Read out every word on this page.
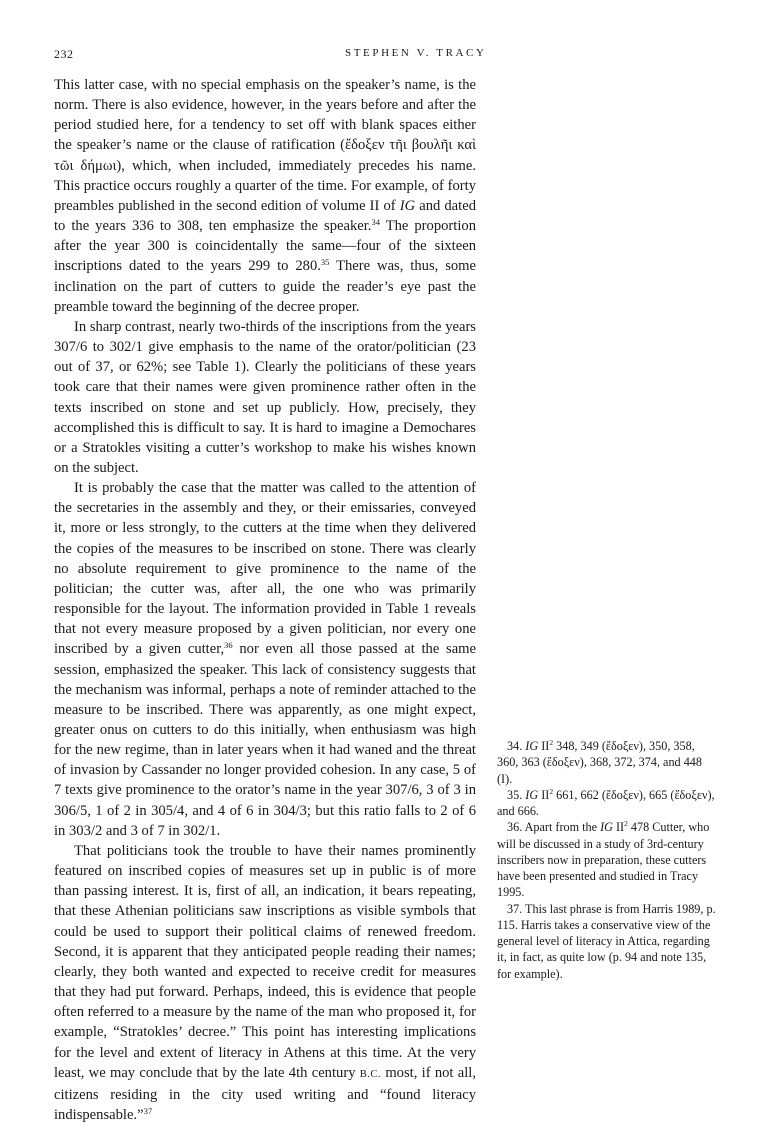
232	STEPHEN V. TRACY

This latter case, with no special emphasis on the speaker’s name, is the norm. There is also evidence, however, in the years before and after the period studied here, for a tendency to set off with blank spaces either the speaker’s name or the clause of ratification (ἔδοξεν τῆι βουλῆι καὶ τῶι δήμωι), which, when included, immediately precedes his name. This practice occurs roughly a quarter of the time. For example, of forty preambles published in the second edition of volume II of IG and dated to the years 336 to 308, ten emphasize the speaker.$^{34}$ The proportion after the year 300 is coincidentally the same—four of the sixteen inscriptions dated to the years 299 to 280.35 There was, thus, some inclination on the part of cutters to guide the reader’s eye past the preamble toward the beginning of the decree proper.

In sharp contrast, nearly two-thirds of the inscriptions from the years 307/6 to 302/1 give emphasis to the name of the orator/politician (23 out of 37, or 62%; see Table 1). Clearly the politicians of these years took care that their names were given prominence rather often in the texts inscribed on stone and set up publicly. How, precisely, they accomplished this is difficult to say. It is hard to imagine a Demochares or a Stratokles visiting a cutter’s workshop to make his wishes known on the subject.

It is probably the case that the matter was called to the attention of the secretaries in the assembly and they, or their emissaries, conveyed it, more or less strongly, to the cutters at the time when they delivered the copies of the measures to be inscribed on stone. There was clearly no absolute requirement to give prominence to the name of the politician; the cutter was, after all, the one who was primarily responsible for the layout. The information provided in Table 1 reveals that not every measure proposed by a given politician, nor every one inscribed by a given cutter,$^{36}$ nor even all those passed at the same session, emphasized the speaker. This lack of consistency suggests that the mechanism was informal, perhaps a note of reminder attached to the measure to be inscribed. There was apparently, as one might expect, greater onus on cutters to do this initially, when enthusiasm was high for the new regime, than in later years when it had waned and the threat of invasion by Cassander no longer provided cohesion. In any case, 5 of 7 texts give prominence to the orator’s name in the year 307/6, 3 of 3 in 306/5, 1 of 2 in 305/4, and 4 of 6 in 304/3; but this ratio falls to 2 of 6 in 303/2 and 3 of 7 in 302/1.

That politicians took the trouble to have their names prominently featured on inscribed copies of measures set up in public is of more than passing interest. It is, first of all, an indication, it bears repeating, that these Athenian politicians saw inscriptions as visible symbols that could be used to support their political claims of renewed freedom. Second, it is apparent that they anticipated people reading their names; clearly, they both wanted and expected to receive credit for measures that they had put forward. Perhaps, indeed, this is evidence that people often referred to a measure by the name of the man who proposed it, for example, “Stratokles’ decree.” This point has interesting implications for the level and extent of literacy in Athens at this time. At the very least, we may conclude that by the late 4th century B.C. most, if not all, citizens residing in the city used writing and “found literacy indispensable.”$^{37}$

34. IG $II^2$ 348, 349 (ἔδοξεν), 350, 358, 360, 363 (ἔδοξεν), 368, 372, 374, and 448 (I).

35. IG $II^2$ 661, 662 (ἔδοξεν), 665 (ἔδοξεν), and 666.

36. Apart from the IG $II^2$ 478 Cutter, who will be discussed in a study of 3rd-century inscribers now in preparation, these cutters have been presented and studied in Tracy 1995.

37. This last phrase is from Harris 1989, p. 115. Harris takes a conservative view of the general level of literacy in Attica, regarding it, in fact, as quite low (p. 94 and note 135, for example).
